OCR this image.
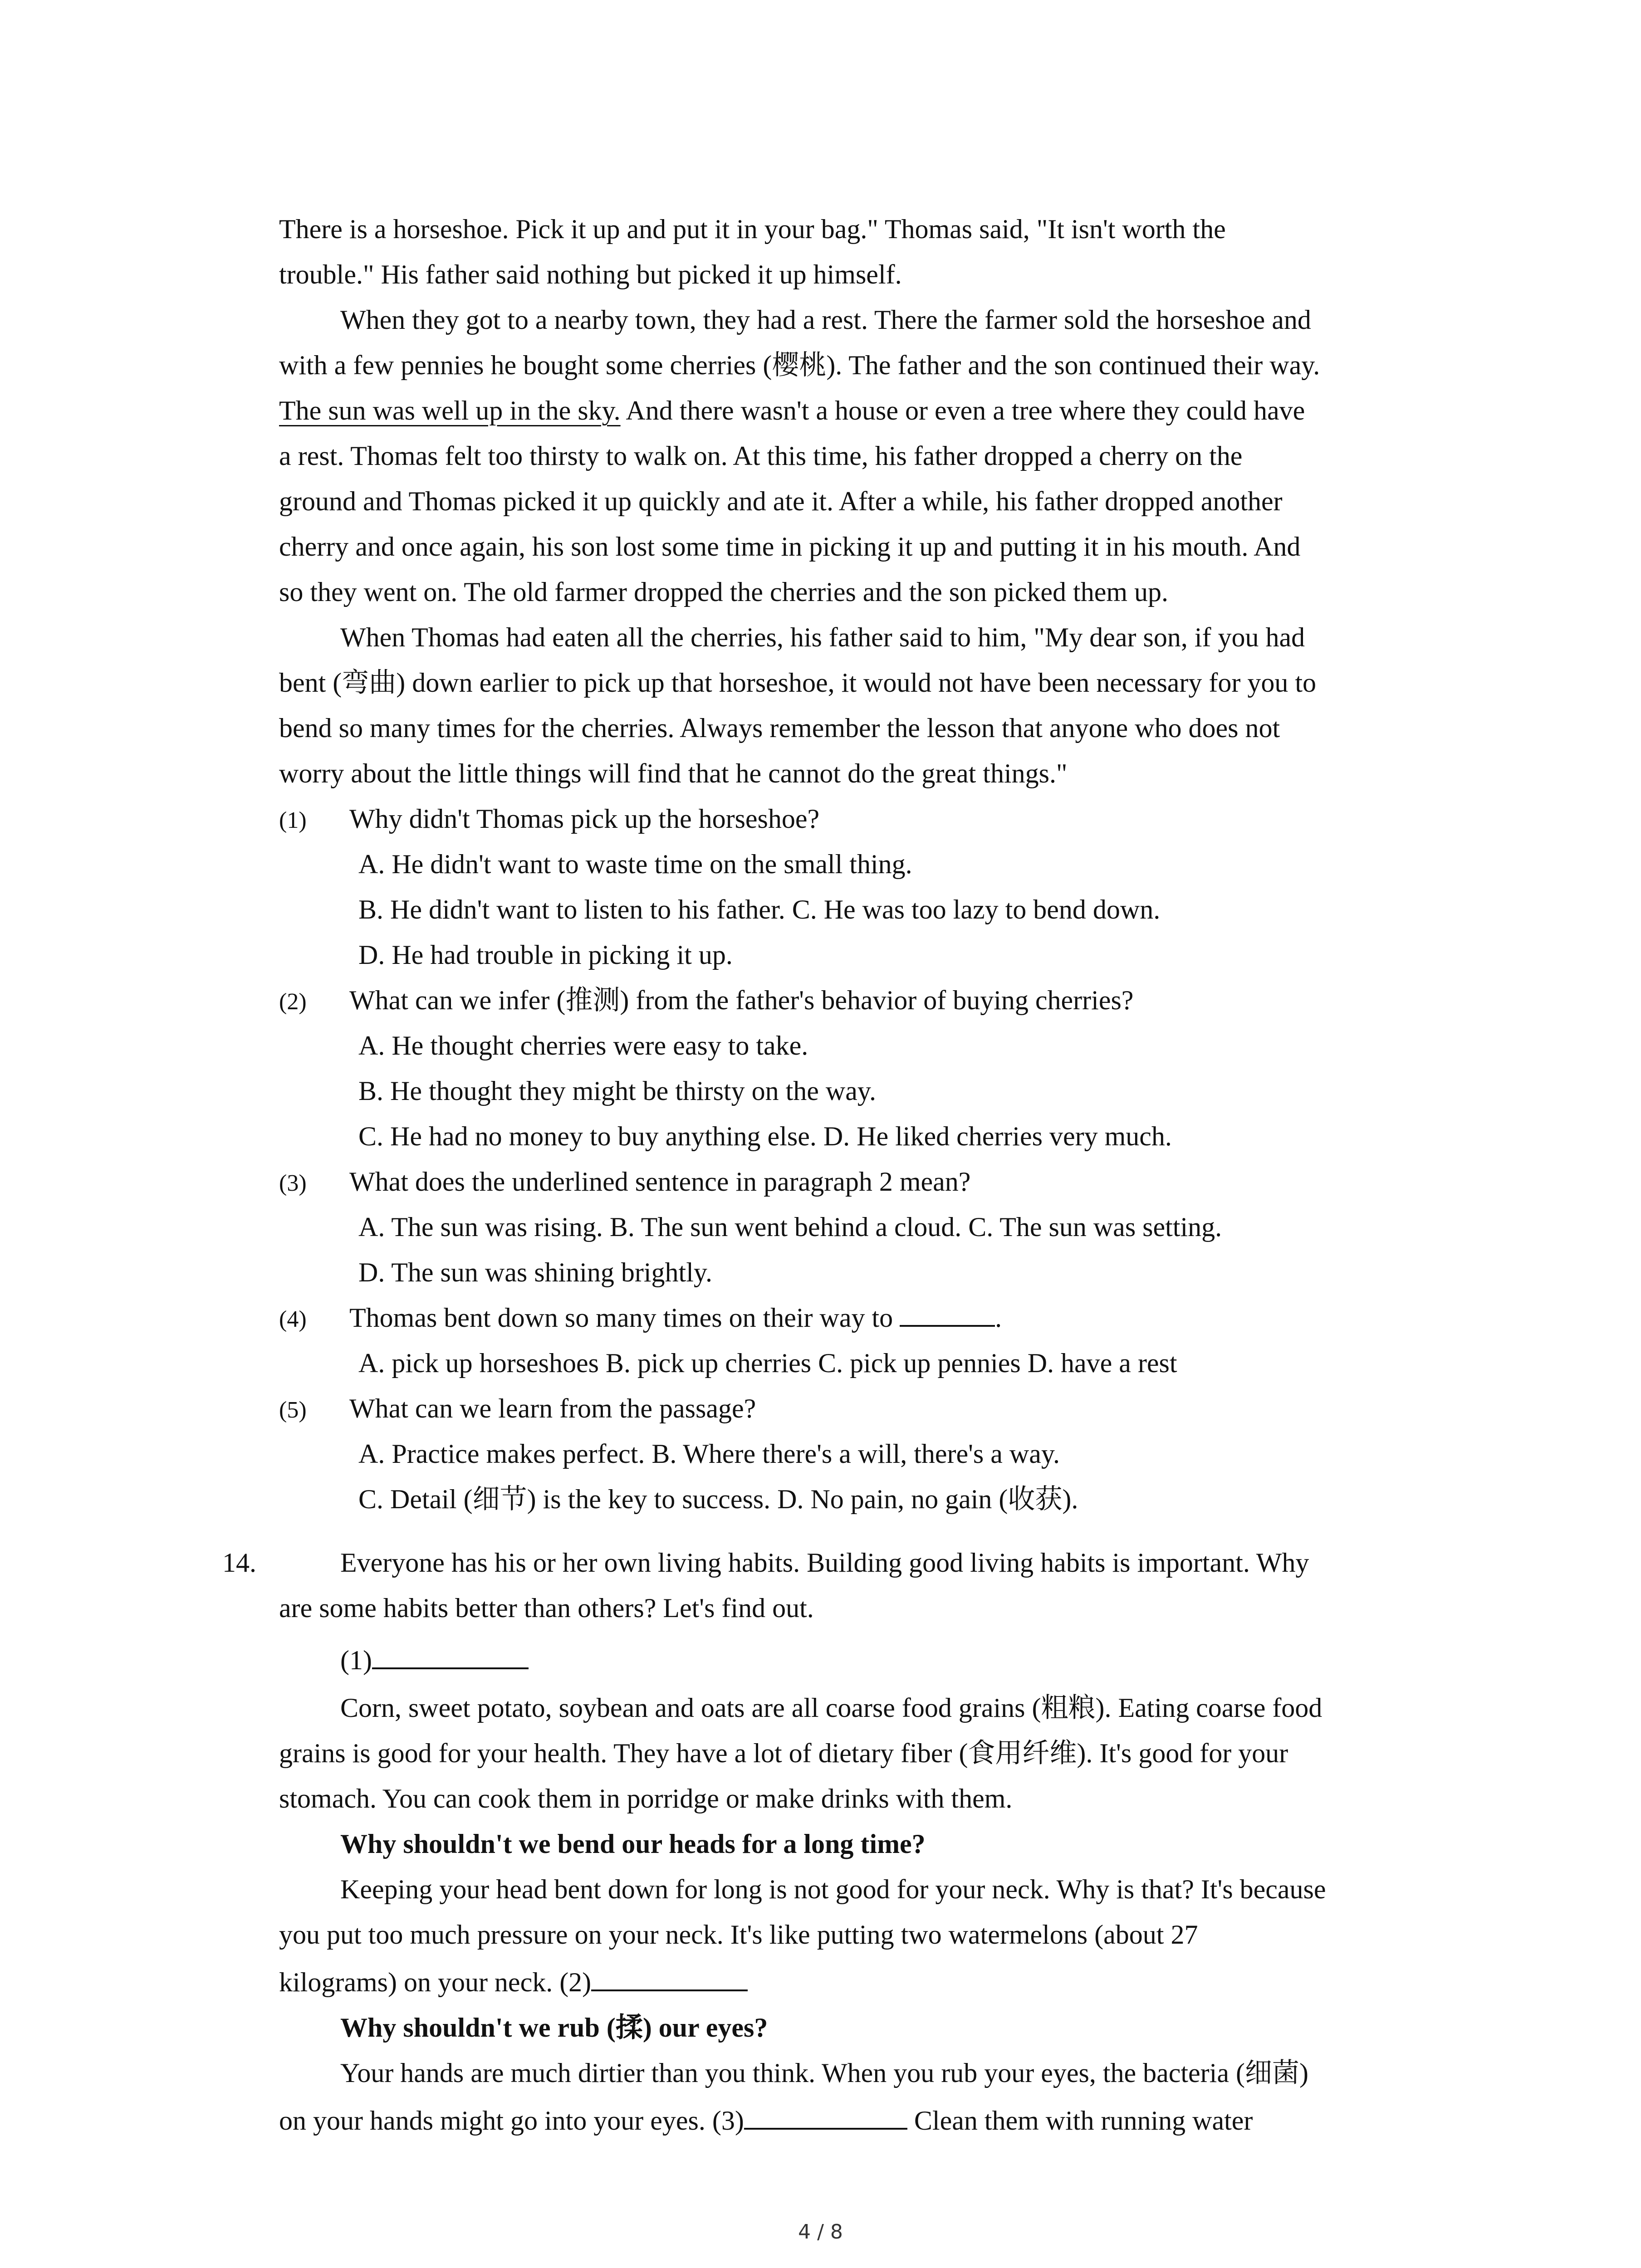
There is a horseshoe. Pick it up and put it in your bag." Thomas said, "It isn't worth the
trouble." His father said nothing but picked it up himself.
When they got to a nearby town, they had a rest. There the farmer sold the horseshoe and
with a few pennies he bought some cherries (樱桃). The father and the son continued their way.
The sun was well up in the sky. And there wasn't a house or even a tree where they could have
a rest. Thomas felt too thirsty to walk on. At this time, his father dropped a cherry on the
ground and Thomas picked it up quickly and ate it. After a while, his father dropped another
cherry and once again, his son lost some time in picking it up and putting it in his mouth. And
so they went on. The old farmer dropped the cherries and the son picked them up.
When Thomas had eaten all the cherries, his father said to him, "My dear son, if you had
bent (弯曲) down earlier to pick up that horseshoe, it would not have been necessary for you to
bend so many times for the cherries. Always remember the lesson that anyone who does not
worry about the little things will find that he cannot do the great things."
(1) Why didn't Thomas pick up the horseshoe?
A. He didn't want to waste time on the small thing.
B. He didn't want to listen to his father. C. He was too lazy to bend down.
D. He had trouble in picking it up.
(2) What can we infer (推测) from the father's behavior of buying cherries?
A. He thought cherries were easy to take.
B. He thought they might be thirsty on the way.
C. He had no money to buy anything else. D. He liked cherries very much.
(3) What does the underlined sentence in paragraph 2 mean?
A. The sun was rising. B. The sun went behind a cloud. C. The sun was setting.
D. The sun was shining brightly.
(4) Thomas bent down so many times on their way to	.
A. pick up horseshoes B. pick up cherries C. pick up pennies D. have a rest
(5) What can we learn from the passage?
A. Practice makes perfect. B. Where there's a will, there's a way.
C. Detail (细节) is the key to success. D. No pain, no gain (收获).
14.	Everyone has his or her own living habits. Building good living habits is important. Why
are some habits better than others? Let's find out.
(1)
Corn, sweet potato, soybean and oats are all coarse food grains (粗粮). Eating coarse food
grains is good for your health. They have a lot of dietary fiber (食用纤维). It's good for your
stomach. You can cook them in porridge or make drinks with them.
Why shouldn't we bend our heads for a long time?
Keeping your head bent down for long is not good for your neck. Why is that? It's because
you put too much pressure on your neck. It's like putting two watermelons (about 27
kilograms) on your neck. (2)
Why shouldn't we rub (揉) our eyes?
Your hands are much dirtier than you think. When you rub your eyes, the bacteria (细菌)
on your hands might go into your eyes. (3)	Clean them with running water
4 / 8
